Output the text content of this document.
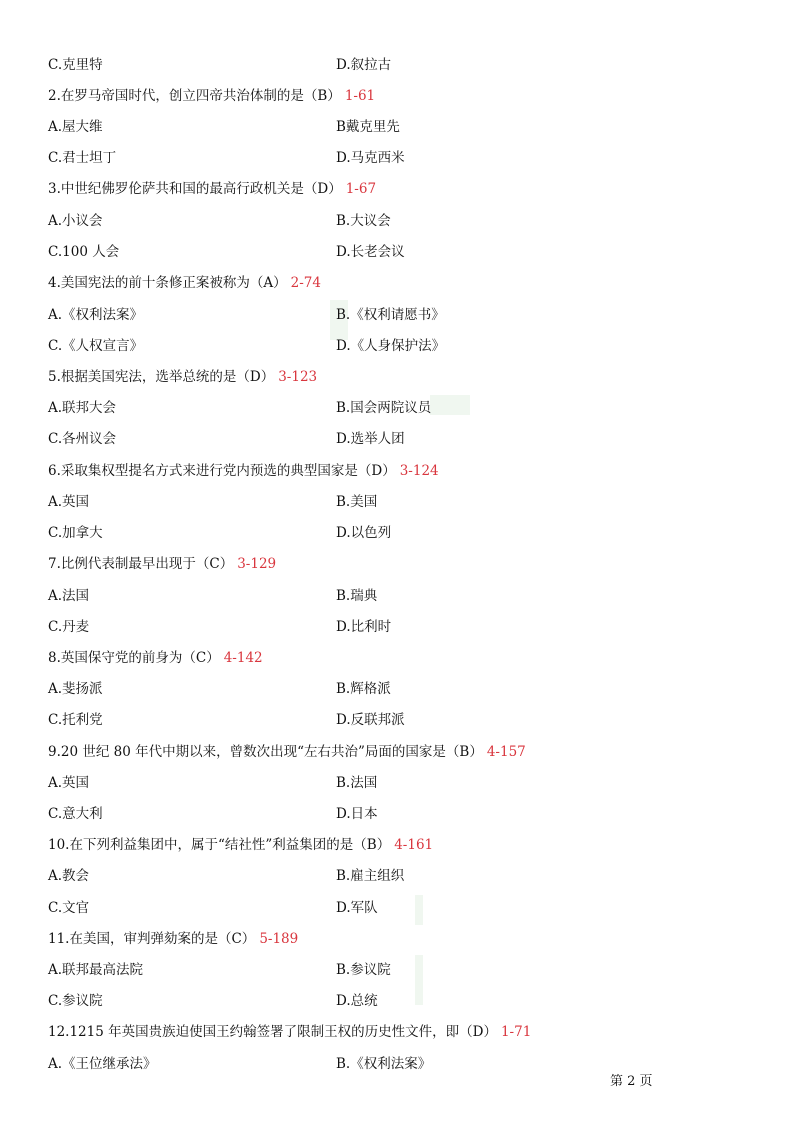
C.克里特	D.叙拉古
2.在罗马帝国时代，创立四帝共治体制的是（B） 1-61
A.屋大维	B戴克里先
C.君士坦丁	D.马克西米
3.中世纪佛罗伦萨共和国的最高行政机关是（D） 1-67
A.小议会	B.大议会
C.100 人会	D.长老会议
4.美国宪法的前十条修正案被称为（A） 2-74
A.《权利法案》	B.《权利请愿书》
C.《人权宣言》	D.《人身保护法》
5.根据美国宪法，选举总统的是（D） 3-123
A.联邦大会	B.国会两院议员
C.各州议会	D.选举人团
6.采取集权型提名方式来进行党内预选的典型国家是（D） 3-124
A.英国	B.美国
C.加拿大	D.以色列
7.比例代表制最早出现于（C） 3-129
A.法国	B.瑞典
C.丹麦	D.比利时
8.英国保守党的前身为（C） 4-142
A.斐扬派	B.辉格派
C.托利党	D.反联邦派
9.20 世纪 80 年代中期以来，曾数次出现“左右共治”局面的国家是（B） 4-157
A.英国	B.法国
C.意大利	D.日本
10.在下列利益集团中，属于“结社性”利益集团的是（B） 4-161
A.教会	B.雇主组织
C.文官	D.军队
11.在美国，审判弹劾案的是（C） 5-189
A.联邦最高法院	B.参议院
C.参议院	D.总统
12.1215 年英国贵族迫使国王约翰签署了限制王权的历史性文件，即（D） 1-71
A.《王位继承法》	B.《权利法案》
第 2 页
